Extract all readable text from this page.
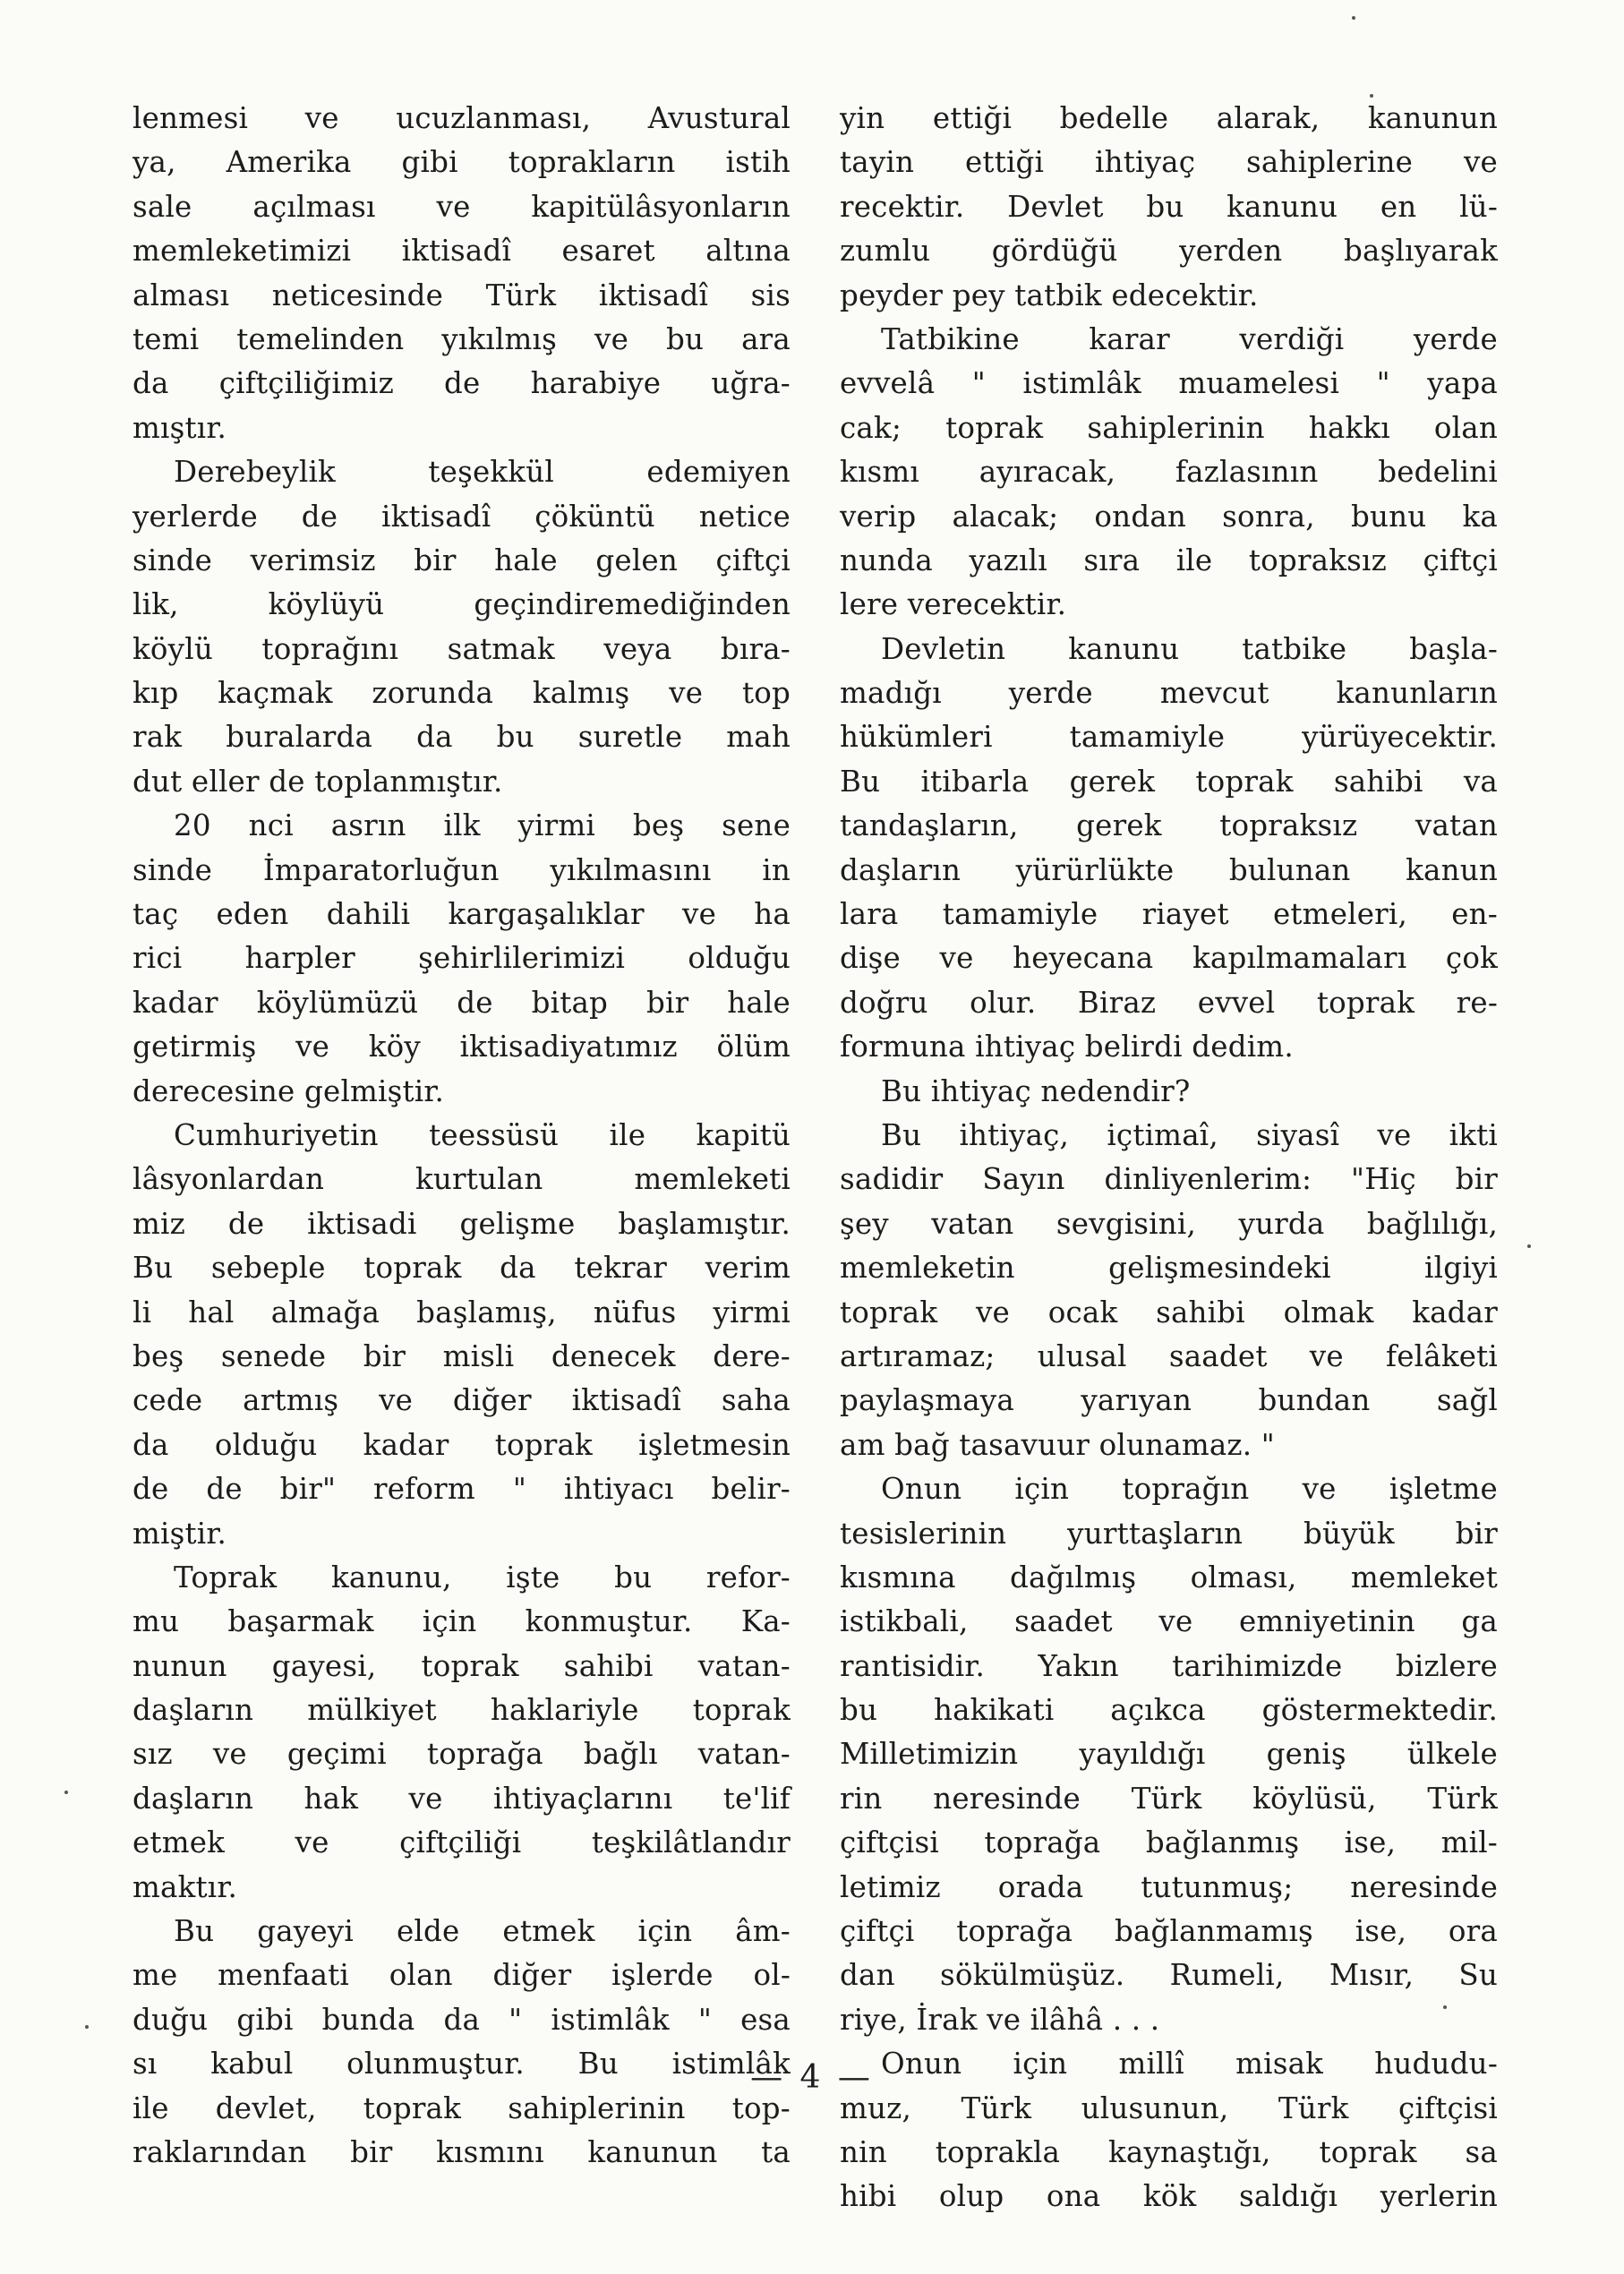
lenmesi ve ucuzlanması, Avustural
ya, Amerika gibi toprakların istih
sale açılması ve kapitülâsyonların
memleketimizi iktisadî esaret altına
alması neticesinde Türk iktisadî sis
temi temelinden yıkılmış ve bu ara
da çiftçiliğimiz de harabiye uğra-
mıştır.
Derebeylik teşekkül edemiyen
yerlerde de iktisadî çöküntü netice
sinde verimsiz bir hale gelen çiftçi
lik, köylüyü geçindiremediğinden
köylü toprağını satmak veya bıra-
kıp kaçmak zorunda kalmış ve top
rak buralarda da bu suretle mah
dut eller de toplanmıştır.
20 nci asrın ilk yirmi beş sene
sinde İmparatorluğun yıkılmasını in
taç eden dahili kargaşalıklar ve ha
rici harpler şehirlilerimizi olduğu
kadar köylümüzü de bitap bir hale
getirmiş ve köy iktisadiyatımız ölüm
derecesine gelmiştir.
Cumhuriyetin teessüsü ile kapitü
lâsyonlardan kurtulan memleketi
miz de iktisadi gelişme başlamıştır.
Bu sebeple toprak da tekrar verim
li hal almağa başlamış, nüfus yirmi
beş senede bir misli denecek dere-
cede artmış ve diğer iktisadî saha
da olduğu kadar toprak işletmesin
de de bir" reform " ihtiyacı belir-
miştir.
Toprak kanunu, işte bu refor-
mu başarmak için konmuştur. Ka-
nunun gayesi, toprak sahibi vatan-
daşların mülkiyet haklariyle toprak
sız ve geçimi toprağa bağlı vatan-
daşların hak ve ihtiyaçlarını te'lif
etmek ve çiftçiliği teşkilâtlandır
maktır.
Bu gayeyi elde etmek için âm-
me menfaati olan diğer işlerde ol-
duğu gibi bunda da " istimlâk " esa
sı kabul olunmuştur. Bu istimlâk
ile devlet, toprak sahiplerinin top-
raklarından bir kısmını kanunun ta
yin ettiği bedelle alarak, kanunun
tayin ettiği ihtiyaç sahiplerine ve
recektir. Devlet bu kanunu en lü-
zumlu gördüğü yerden başlıyarak
peyder pey tatbik edecektir.
Tatbikine karar verdiği yerde
evvelâ " istimlâk muamelesi " yapa
cak; toprak sahiplerinin hakkı olan
kısmı ayıracak, fazlasının bedelini
verip alacak; ondan sonra, bunu ka
nunda yazılı sıra ile topraksız çiftçi
lere verecektir.
Devletin kanunu tatbike başla-
madığı yerde mevcut kanunların
hükümleri tamamiyle yürüyecektir.
Bu itibarla gerek toprak sahibi va
tandaşların, gerek topraksız vatan
daşların yürürlükte bulunan kanun
lara tamamiyle riayet etmeleri, en-
dişe ve heyecana kapılmamaları çok
doğru olur. Biraz evvel toprak re-
formuna ihtiyaç belirdi dedim.
Bu ihtiyaç nedendir?
Bu ihtiyaç, içtimaî, siyasî ve ikti
sadidir Sayın dinliyenlerim: "Hiç bir
şey vatan sevgisini, yurda bağlılığı,
memleketin gelişmesindeki ilgiyi
toprak ve ocak sahibi olmak kadar
artıramaz; ulusal saadet ve felâketi
paylaşmaya yarıyan bundan sağl
am bağ tasavuur olunamaz. "
Onun için toprağın ve işletme
tesislerinin yurttaşların büyük bir
kısmına dağılmış olması, memleket
istikbali, saadet ve emniyetinin ga
rantisidir. Yakın tarihimizde bizlere
bu hakikati açıkca göstermektedir.
Milletimizin yayıldığı geniş ülkele
rin neresinde Türk köylüsü, Türk
çiftçisi toprağa bağlanmış ise, mil-
letimiz orada tutunmuş; neresinde
çiftçi toprağa bağlanmamış ise, ora
dan sökülmüşüz. Rumeli, Mısır, Su
riye, İrak ve ilâhâ . . .
Onun için millî misak hududu-
muz, Türk ulusunun, Türk çiftçisi
nin toprakla kaynaştığı, toprak sa
hibi olup ona kök saldığı yerlerin
— 4 —
